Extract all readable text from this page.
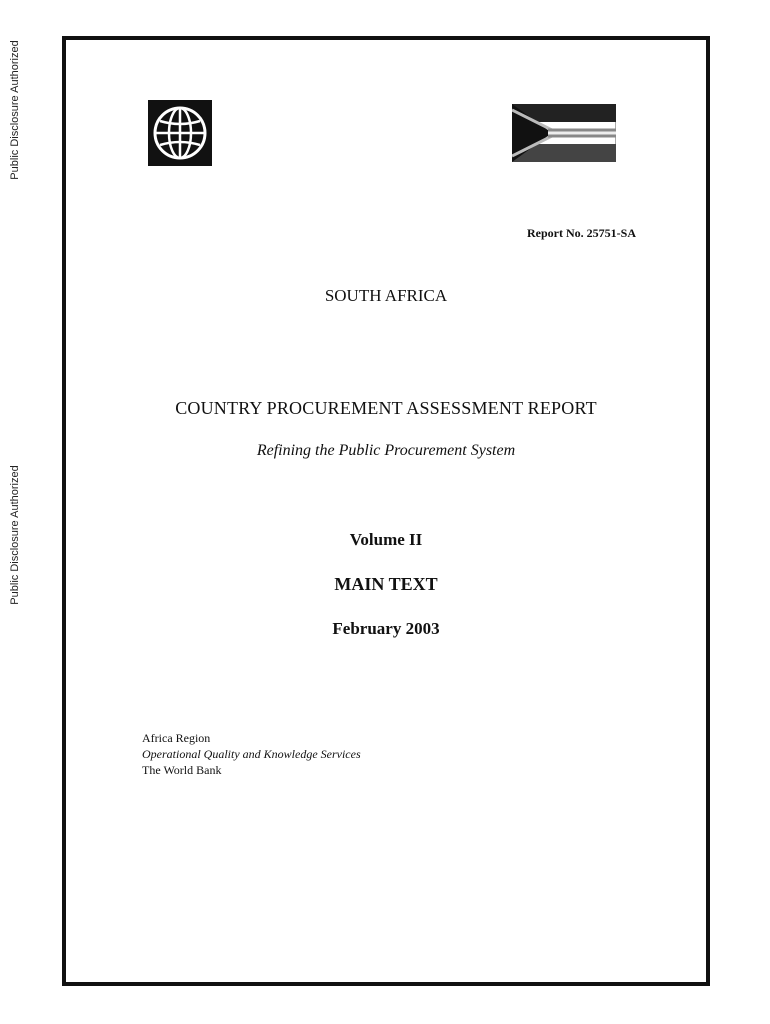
Public Disclosure Authorized
Public Disclosure Authorized
Report No. 25751-SA
SOUTH AFRICA
COUNTRY PROCUREMENT ASSESSMENT REPORT
Refining the Public Procurement System
Volume II
MAIN TEXT
February 2003
Africa Region
Operational Quality and Knowledge Services
The World Bank
